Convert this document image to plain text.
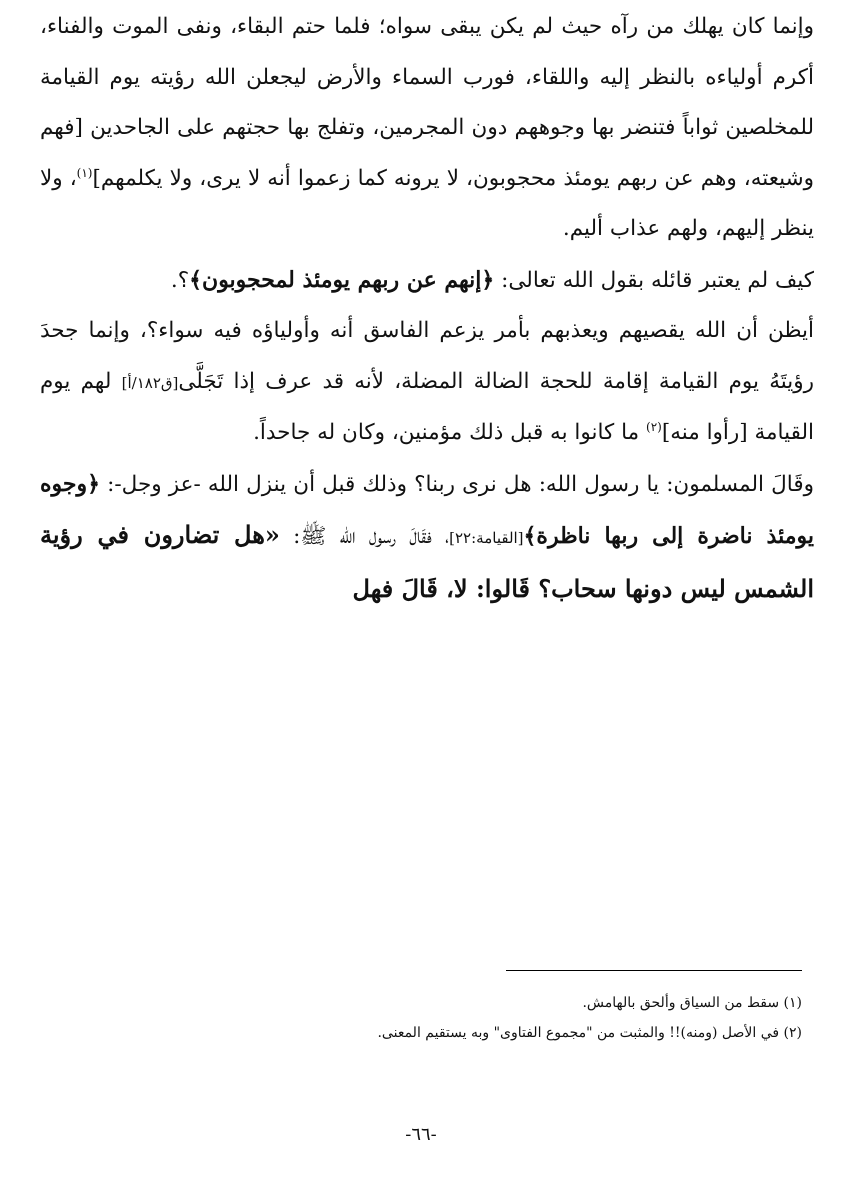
وإنما كان يهلك من رآه حيث لم يكن يبقى سواه؛ فلما حتم البقاء، ونفى الموت والفناء، أكرم أولياءه بالنظر إليه واللقاء، فورب السماء والأرض ليجعلن الله رؤيته يوم القيامة للمخلصين ثواباً فتنضر بها وجوههم دون المجرمين، وتفلج بها حجتهم على الجاحدين [فهم وشيعته، وهم عن ربهم يومئذ محجوبون، لا يرونه كما زعموا أنه لا يرى، ولا يكلمهم]$^{(١)}$، ولا ينظر إليهم، ولهم عذاب أليم.

كيف لم يعتبر قائله بقول الله تعالى: ﴿إنهم عن ربهم يومئذ لمحجوبون﴾؟.

أيظن أن الله يقصيهم ويعذبهم بأمر يزعم الفاسق أنه وأولياؤه فيه سواء؟، وإنما جحدَ رؤيتَهُ يوم القيامة إقامة للحجة الضالة المضلة، لأنه قد عرف إذا تَجَلَّى[ق١٨٢/أ] لهم يوم القيامة [رأوا منه]$^{(٢)}$ ما كانوا به قبل ذلك مؤمنين، وكان له جاحداً.

وقَالَ المسلمون: يا رسول الله: هل نرى ربنا؟ وذلك قبل أن ينزل الله -عز وجل-: ﴿وجوه يومئذ ناضرة إلى ربها ناظرة﴾[القيامة:٢٢]، فقَالَ رسول الله ﷺ: «هل تضارون في رؤية الشمس ليس دونها سحاب؟ قَالوا: لا، قَالَ فهل

(١) سقط من السياق وألحق بالهامش.

(٢) في الأصل (ومنه)!! والمثبت من "مجموع الفتاوى" وبه يستقيم المعنى.

-٦٦-
